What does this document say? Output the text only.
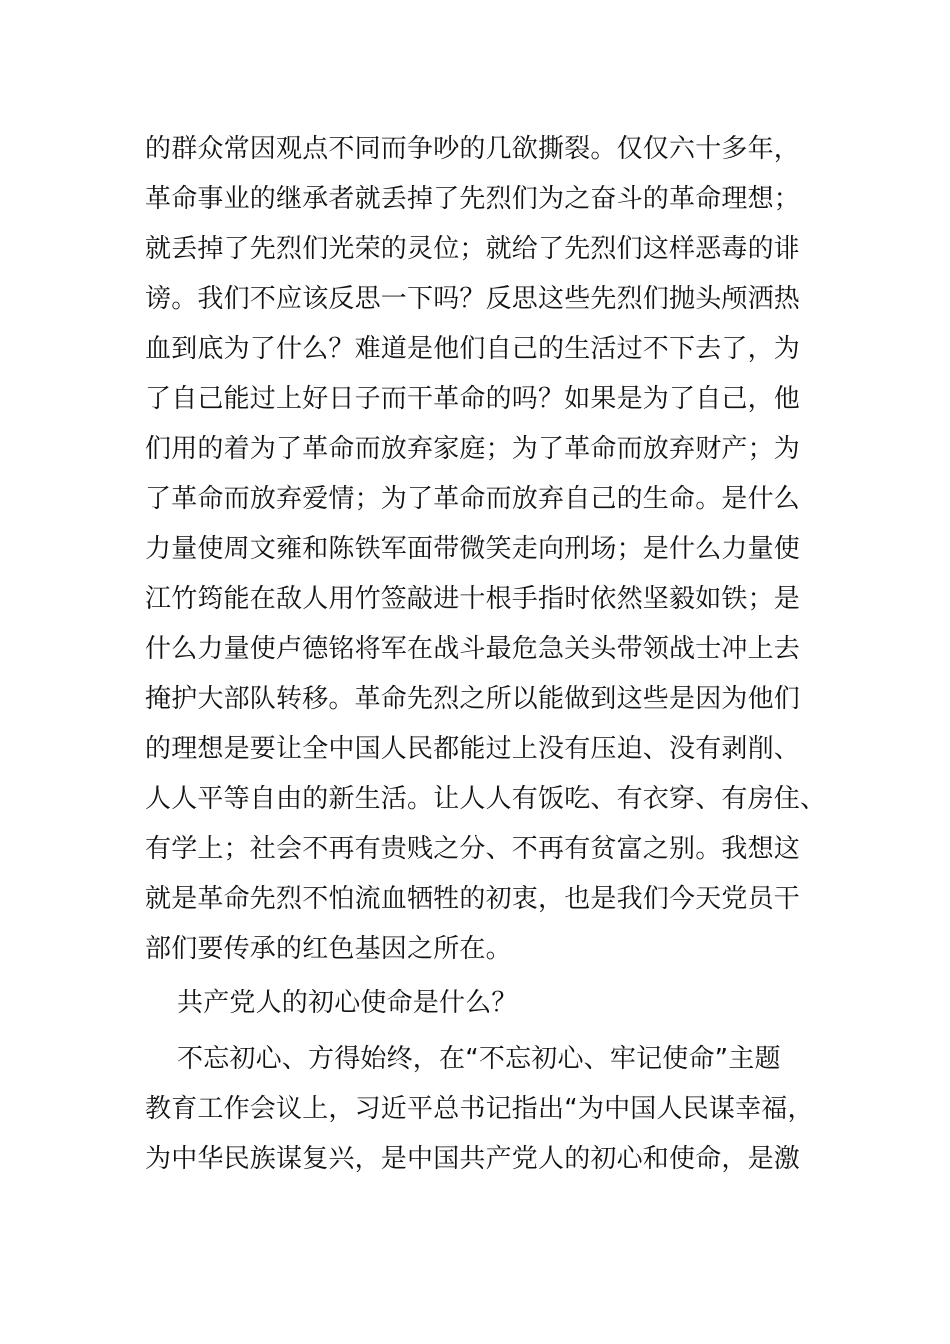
的群众常因观点不同而争吵的几欲撕裂。仅仅六十多年，
革命事业的继承者就丢掉了先烈们为之奋斗的革命理想；
就丢掉了先烈们光荣的灵位；就给了先烈们这样恶毒的诽
谤。我们不应该反思一下吗？反思这些先烈们抛头颅洒热
血到底为了什么？难道是他们自己的生活过不下去了，为
了自己能过上好日子而干革命的吗？如果是为了自己，他
们用的着为了革命而放弃家庭；为了革命而放弃财产；为
了革命而放弃爱情；为了革命而放弃自己的生命。是什么
力量使周文雍和陈铁军面带微笑走向刑场；是什么力量使
江竹筠能在敌人用竹签敲进十根手指时依然坚毅如铁；是
什么力量使卢德铭将军在战斗最危急关头带领战士冲上去
掩护大部队转移。革命先烈之所以能做到这些是因为他们
的理想是要让全中国人民都能过上没有压迫、没有剥削、
人人平等自由的新生活。让人人有饭吃、有衣穿、有房住、
有学上；社会不再有贵贱之分、不再有贫富之别。我想这
就是革命先烈不怕流血牺牲的初衷，也是我们今天党员干
部们要传承的红色基因之所在。
共产党人的初心使命是什么？
不忘初心、方得始终，在“不忘初心、牢记使命”主题
教育工作会议上，习近平总书记指出“为中国人民谋幸福，
为中华民族谋复兴，是中国共产党人的初心和使命，是激
